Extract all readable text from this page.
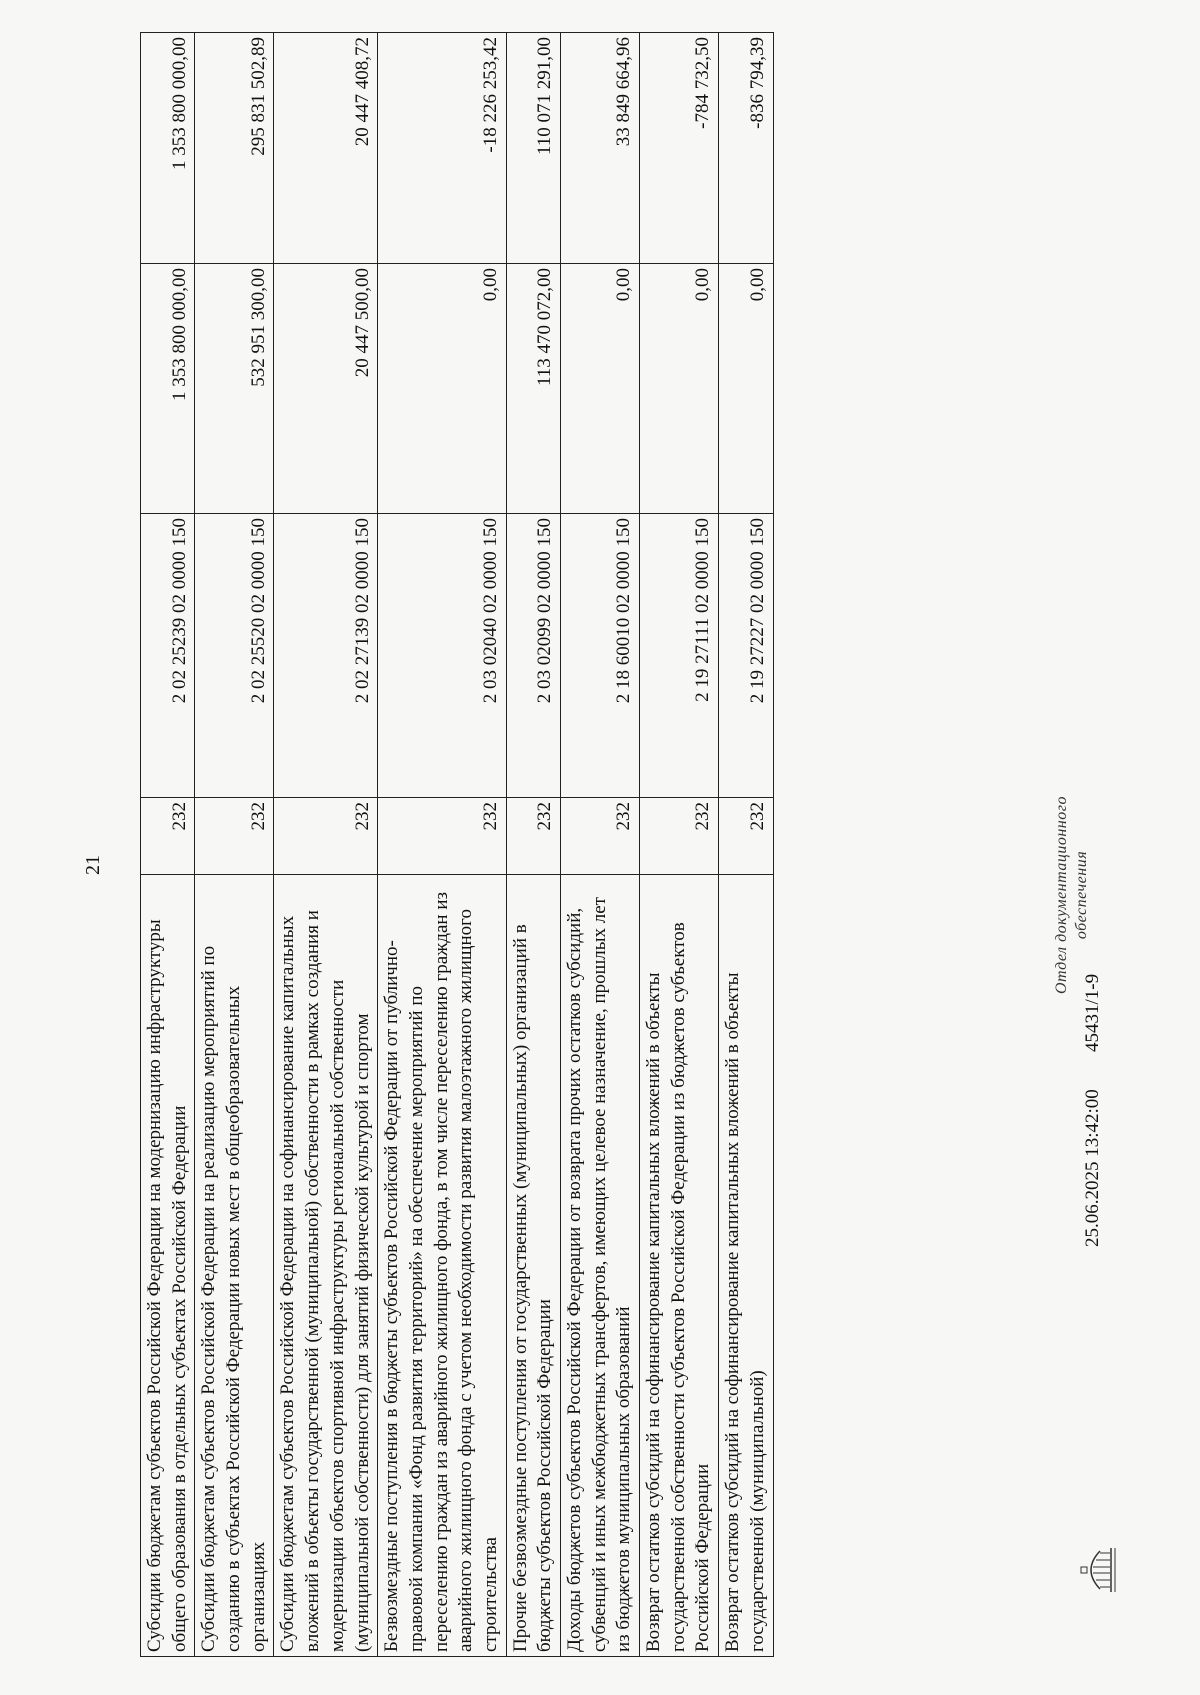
21
Субсидии бюджетам субъектов Российской Федерации на модернизацию инфраструктуры общего образования в отдельных субъектах Российской Федерации	232	2 02 25239 02 0000 150	1 353 800 000,00	1 353 800 000,00
Субсидии бюджетам субъектов Российской Федерации на реализацию мероприятий по созданию в субъектах Российской Федерации новых мест в общеобразовательных организациях	232	2 02 25520 02 0000 150	532 951 300,00	295 831 502,89
Субсидии бюджетам субъектов Российской Федерации на софинансирование капитальных вложений в объекты государственной (муниципальной) собственности в рамках создания и модернизации объектов спортивной инфраструктуры региональной собственности (муниципальной собственности) для занятий физической культурой и спортом	232	2 02 27139 02 0000 150	20 447 500,00	20 447 408,72
Безвозмездные поступления в бюджеты субъектов Российской Федерации от публично-правовой компании «Фонд развития территорий» на обеспечение мероприятий по переселению граждан из аварийного жилищного фонда, в том числе переселению граждан из аварийного жилищного фонда с учетом необходимости развития малоэтажного жилищного строительства	232	2 03 02040 02 0000 150	0,00	-18 226 253,42
Прочие безвозмездные поступления от государственных (муниципальных) организаций в бюджеты субъектов Российской Федерации	232	2 03 02099 02 0000 150	113 470 072,00	110 071 291,00
Доходы бюджетов субъектов Российской Федерации от возврата прочих остатков субсидий, субвенций и иных межбюджетных трансфертов, имеющих целевое назначение, прошлых лет из бюджетов муниципальных образований	232	2 18 60010 02 0000 150	0,00	33 849 664,96
Возврат остатков субсидий на софинансирование капитальных вложений в объекты государственной собственности субъектов Российской Федерации из бюджетов субъектов Российской Федерации	232	2 19 27111 02 0000 150	0,00	-784 732,50
Возврат остатков субсидий на софинансирование капитальных вложений в объекты государственной (муниципальной)	232	2 19 27227 02 0000 150	0,00	-836 794,39
25.06.2025 13:42:00
45431/1-9
Отдел документационного обеспечения
